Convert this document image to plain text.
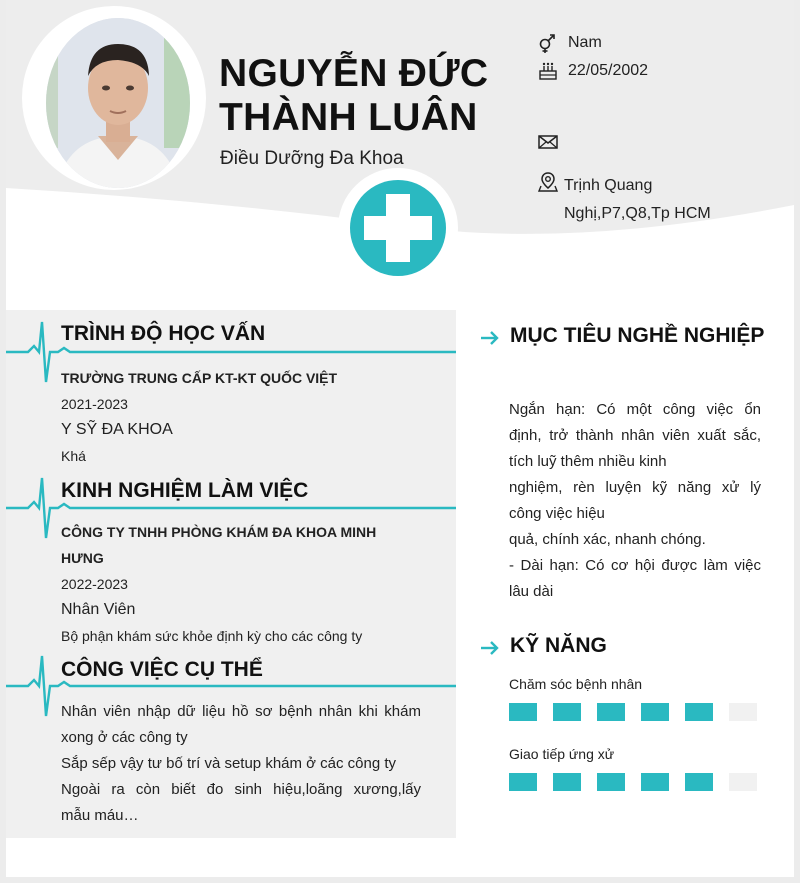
NGUYỄN ĐỨC
THÀNH LUÂN
Điều Dưỡng Đa Khoa
Nam
22/05/2002
Trịnh Quang
Nghị,P7,Q8,Tp HCM
TRÌNH ĐỘ HỌC VẤN
TRƯỜNG TRUNG CẤP KT-KT QUỐC VIỆT
2021-2023
Y SỸ ĐA KHOA
Khá
KINH NGHIỆM LÀM VIỆC
CÔNG TY TNHH PHÒNG KHÁM ĐA KHOA MINH
HƯNG
2022-2023
Nhân Viên
Bộ phận khám sức khỏe định kỳ cho các công ty
CÔNG VIỆC CỤ THỂ
Nhân viên nhập dữ liệu hồ sơ bệnh nhân khi khám
xong ở các công ty
Sắp sếp vậy tư bố trí và setup khám ở các công ty
Ngoài ra còn biết đo sinh hiệu,loãng xương,lấy
mẫu máu…
MỤC TIÊU NGHỀ NGHIỆP
Ngắn hạn: Có một công việc ổn
định, trở thành nhân viên xuất sắc,
tích luỹ thêm nhiều kinh
nghiệm, rèn luyện kỹ năng xử lý
công việc hiệu
quả, chính xác, nhanh chóng.
- Dài hạn: Có cơ hội được làm việc
lâu dài
KỸ NĂNG
Chăm sóc bệnh nhân
Giao tiếp ứng xử
